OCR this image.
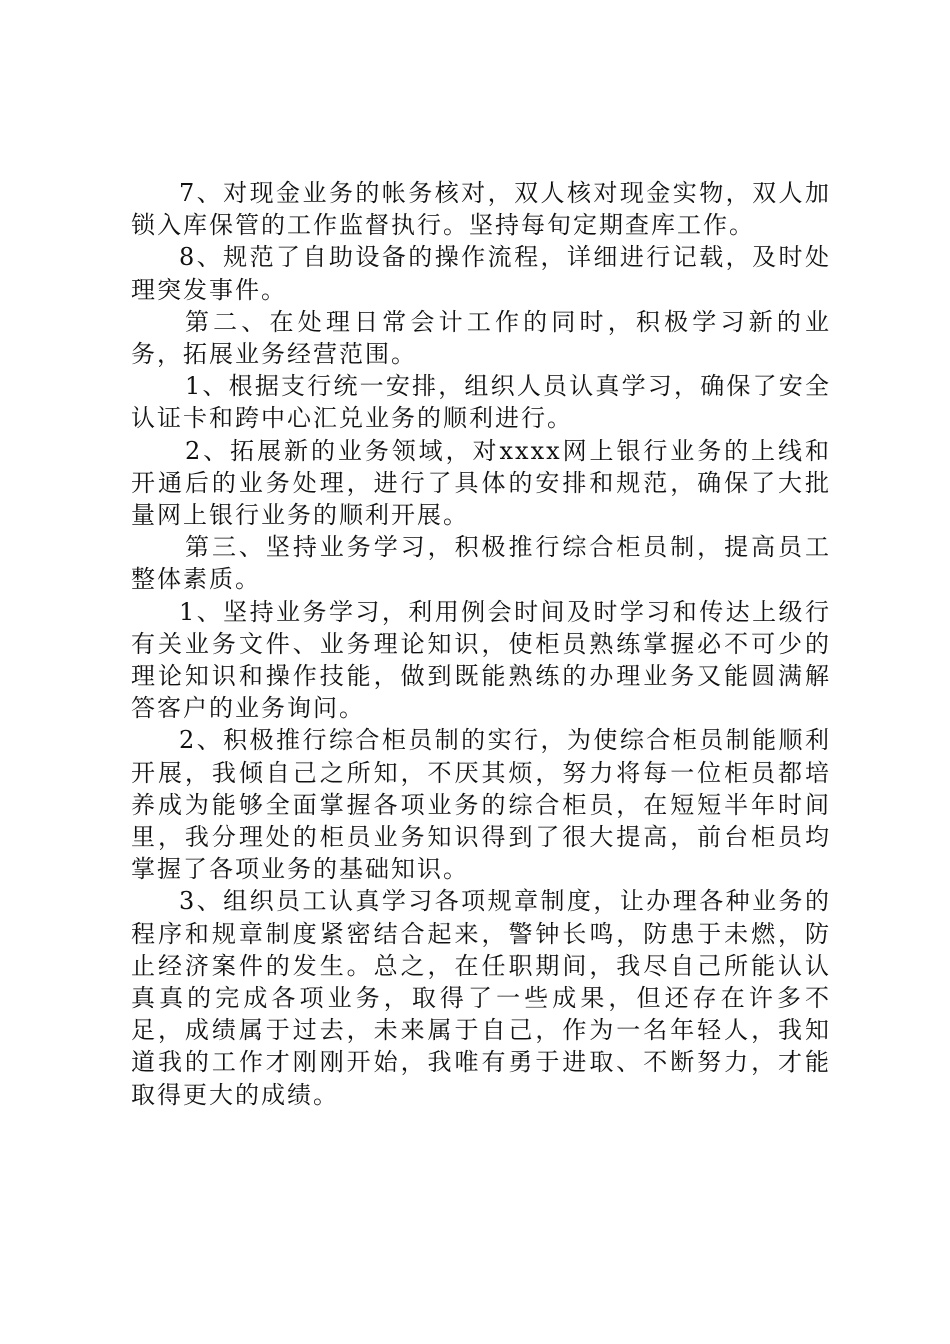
7、对现金业务的帐务核对，双人核对现金实物，双人加锁入库保管的工作监督执行。坚持每旬定期查库工作。

8、规范了自助设备的操作流程，详细进行记载，及时处理突发事件。

第二、在处理日常会计工作的同时，积极学习新的业务，拓展业务经营范围。

1、根据支行统一安排，组织人员认真学习，确保了安全认证卡和跨中心汇兑业务的顺利进行。

2、拓展新的业务领域，对xxxx网上银行业务的上线和开通后的业务处理，进行了具体的安排和规范，确保了大批量网上银行业务的顺利开展。

第三、坚持业务学习，积极推行综合柜员制，提高员工整体素质。

1、坚持业务学习，利用例会时间及时学习和传达上级行有关业务文件、业务理论知识，使柜员熟练掌握必不可少的理论知识和操作技能，做到既能熟练的办理业务又能圆满解答客户的业务询问。

2、积极推行综合柜员制的实行，为使综合柜员制能顺利开展，我倾自己之所知，不厌其烦，努力将每一位柜员都培养成为能够全面掌握各项业务的综合柜员，在短短半年时间里，我分理处的柜员业务知识得到了很大提高，前台柜员均掌握了各项业务的基础知识。

3、组织员工认真学习各项规章制度，让办理各种业务的程序和规章制度紧密结合起来，警钟长鸣，防患于未燃，防止经济案件的发生。总之，在任职期间，我尽自己所能认认真真的完成各项业务，取得了一些成果，但还存在许多不足，成绩属于过去，未来属于自己，作为一名年轻人，我知道我的工作才刚刚开始，我唯有勇于进取、不断努力，才能取得更大的成绩。
